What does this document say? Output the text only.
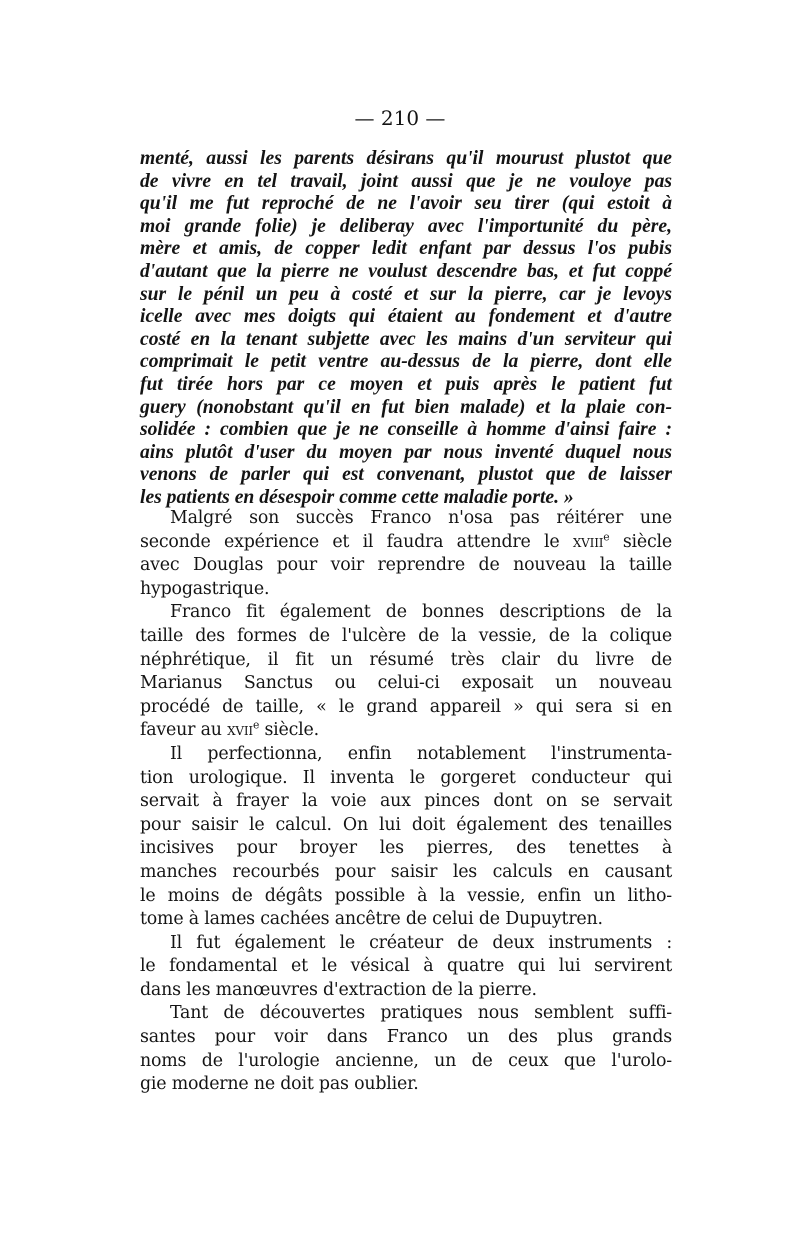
— 210 —
menté, aussi les parents désirans qu'il mourust plustot que
de vivre en tel travail, joint aussi que je ne vouloye pas
qu'il me fut reproché de ne l'avoir seu tirer (qui estoit à
moi grande folie) je deliberay avec l'importunité du père,
mère et amis, de copper ledit enfant par dessus l'os pubis
d'autant que la pierre ne voulust descendre bas, et fut coppé
sur le pénil un peu à costé et sur la pierre, car je levoys
icelle avec mes doigts qui étaient au fondement et d'autre
costé en la tenant subjette avec les mains d'un serviteur qui
comprimait le petit ventre au-dessus de la pierre, dont elle
fut tirée hors par ce moyen et puis après le patient fut
guery (nonobstant qu'il en fut bien malade) et la plaie con-
solidée : combien que je ne conseille à homme d'ainsi faire :
ains plutôt d'user du moyen par nous inventé duquel nous
venons de parler qui est convenant, plustot que de laisser
les patients en désespoir comme cette maladie porte. »
Malgré son succès Franco n'osa pas réitérer une
seconde expérience et il faudra attendre le xviii$^e$ siècle
avec Douglas pour voir reprendre de nouveau la taille
hypogastrique.
Franco fit également de bonnes descriptions de la
taille des formes de l'ulcère de la vessie, de la colique
néphrétique, il fit un résumé très clair du livre de
Marianus Sanctus ou celui-ci exposait un nouveau
procédé de taille, « le grand appareil » qui sera si en
faveur au xvii$^e$ siècle.
Il perfectionna, enfin notablement l'instrumenta-
tion urologique. Il inventa le gorgeret conducteur qui
servait à frayer la voie aux pinces dont on se servait
pour saisir le calcul. On lui doit également des tenailles
incisives pour broyer les pierres, des tenettes à
manches recourbés pour saisir les calculs en causant
le moins de dégâts possible à la vessie, enfin un litho-
tome à lames cachées ancêtre de celui de Dupuytren.
Il fut également le créateur de deux instruments :
le fondamental et le vésical à quatre qui lui servirent
dans les manœuvres d'extraction de la pierre.
Tant de découvertes pratiques nous semblent suffi-
santes pour voir dans Franco un des plus grands
noms de l'urologie ancienne, un de ceux que l'urolo-
gie moderne ne doit pas oublier.
